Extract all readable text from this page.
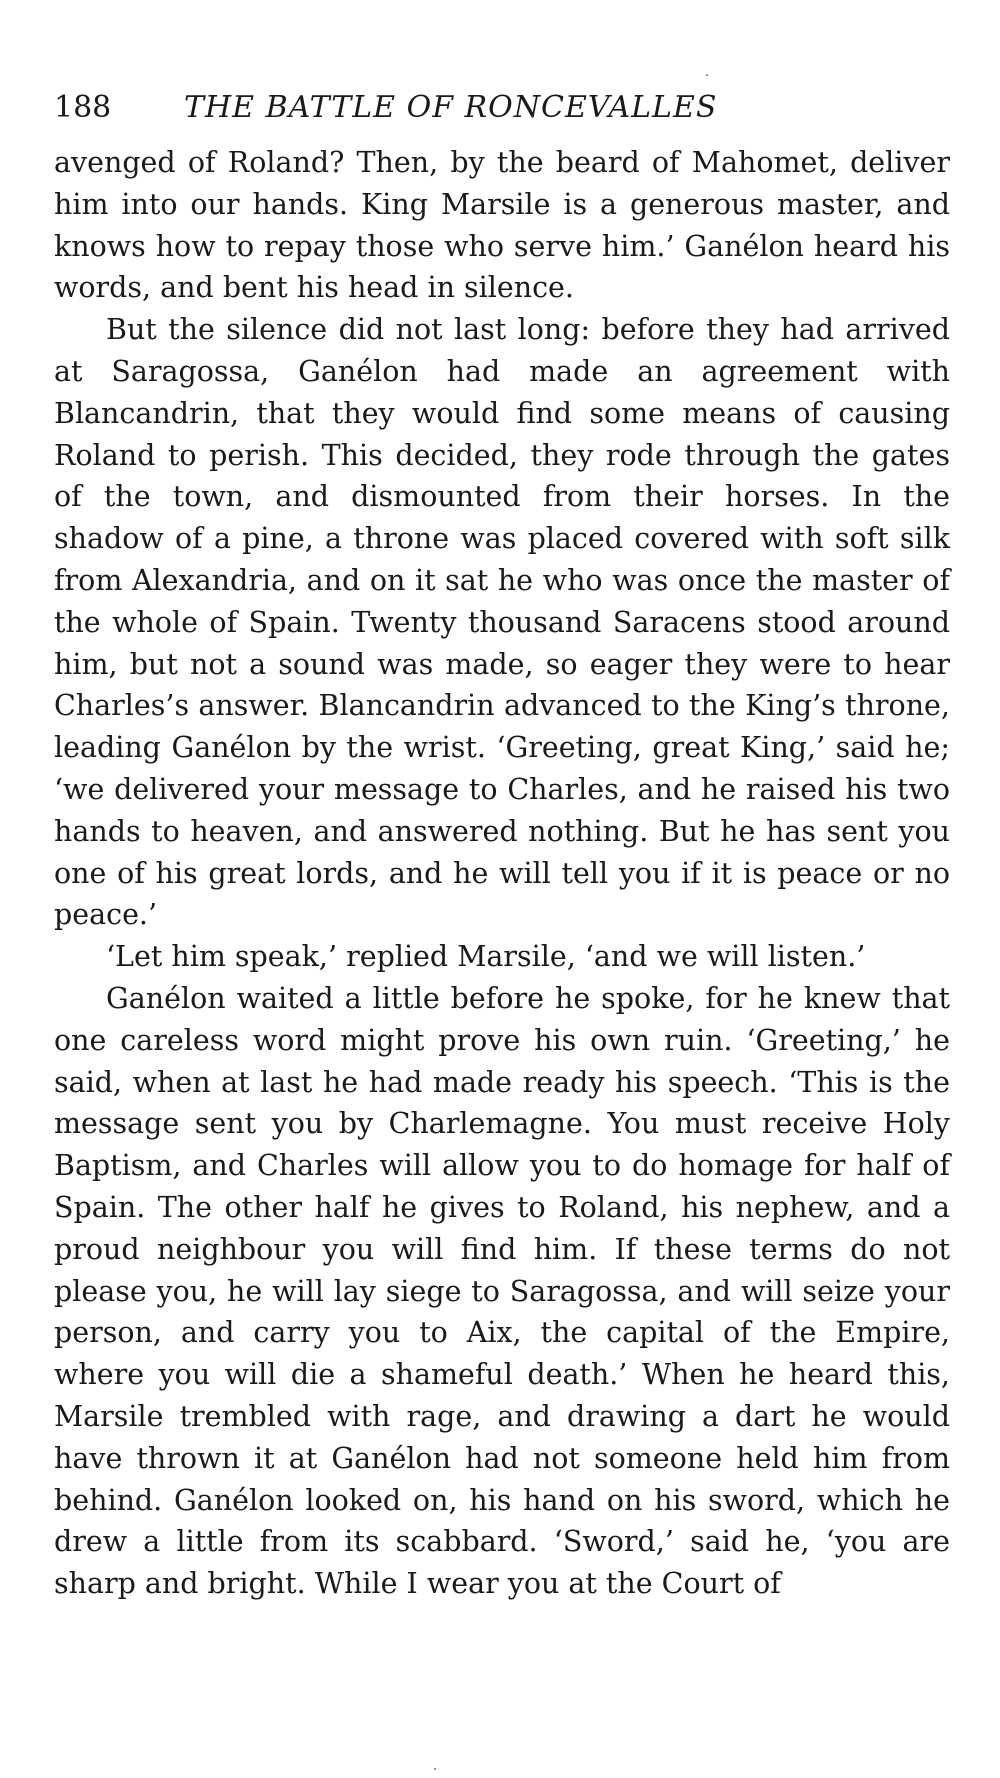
188 THE BATTLE OF RONCEVALLES

avenged of Roland? Then, by the beard of Mahomet, deliver him into our hands. King Marsile is a generous master, and knows how to repay those who serve him.’ Ganélon heard his words, and bent his head in silence.

But the silence did not last long: before they had arrived at Saragossa, Ganélon had made an agreement with Blancandrin, that they would find some means of causing Roland to perish. This decided, they rode through the gates of the town, and dismounted from their horses. In the shadow of a pine, a throne was placed covered with soft silk from Alexandria, and on it sat he who was once the master of the whole of Spain. Twenty thousand Saracens stood around him, but not a sound was made, so eager they were to hear Charles’s answer. Blancandrin advanced to the King’s throne, leading Ganélon by the wrist. ‘Greeting, great King,’ said he; ‘we delivered your message to Charles, and he raised his two hands to heaven, and answered nothing. But he has sent you one of his great lords, and he will tell you if it is peace or no peace.’

‘Let him speak,’ replied Marsile, ‘and we will listen.’

Ganélon waited a little before he spoke, for he knew that one careless word might prove his own ruin. ‘Greeting,’ he said, when at last he had made ready his speech. ‘This is the message sent you by Charlemagne. You must receive Holy Baptism, and Charles will allow you to do homage for half of Spain. The other half he gives to Roland, his nephew, and a proud neighbour you will find him. If these terms do not please you, he will lay siege to Saragossa, and will seize your person, and carry you to Aix, the capital of the Empire, where you will die a shameful death.’ When he heard this, Marsile trembled with rage, and drawing a dart he would have thrown it at Ganélon had not someone held him from behind. Ganélon looked on, his hand on his sword, which he drew a little from its scabbard. ‘Sword,’ said he, ‘you are sharp and bright. While I wear you at the Court of
